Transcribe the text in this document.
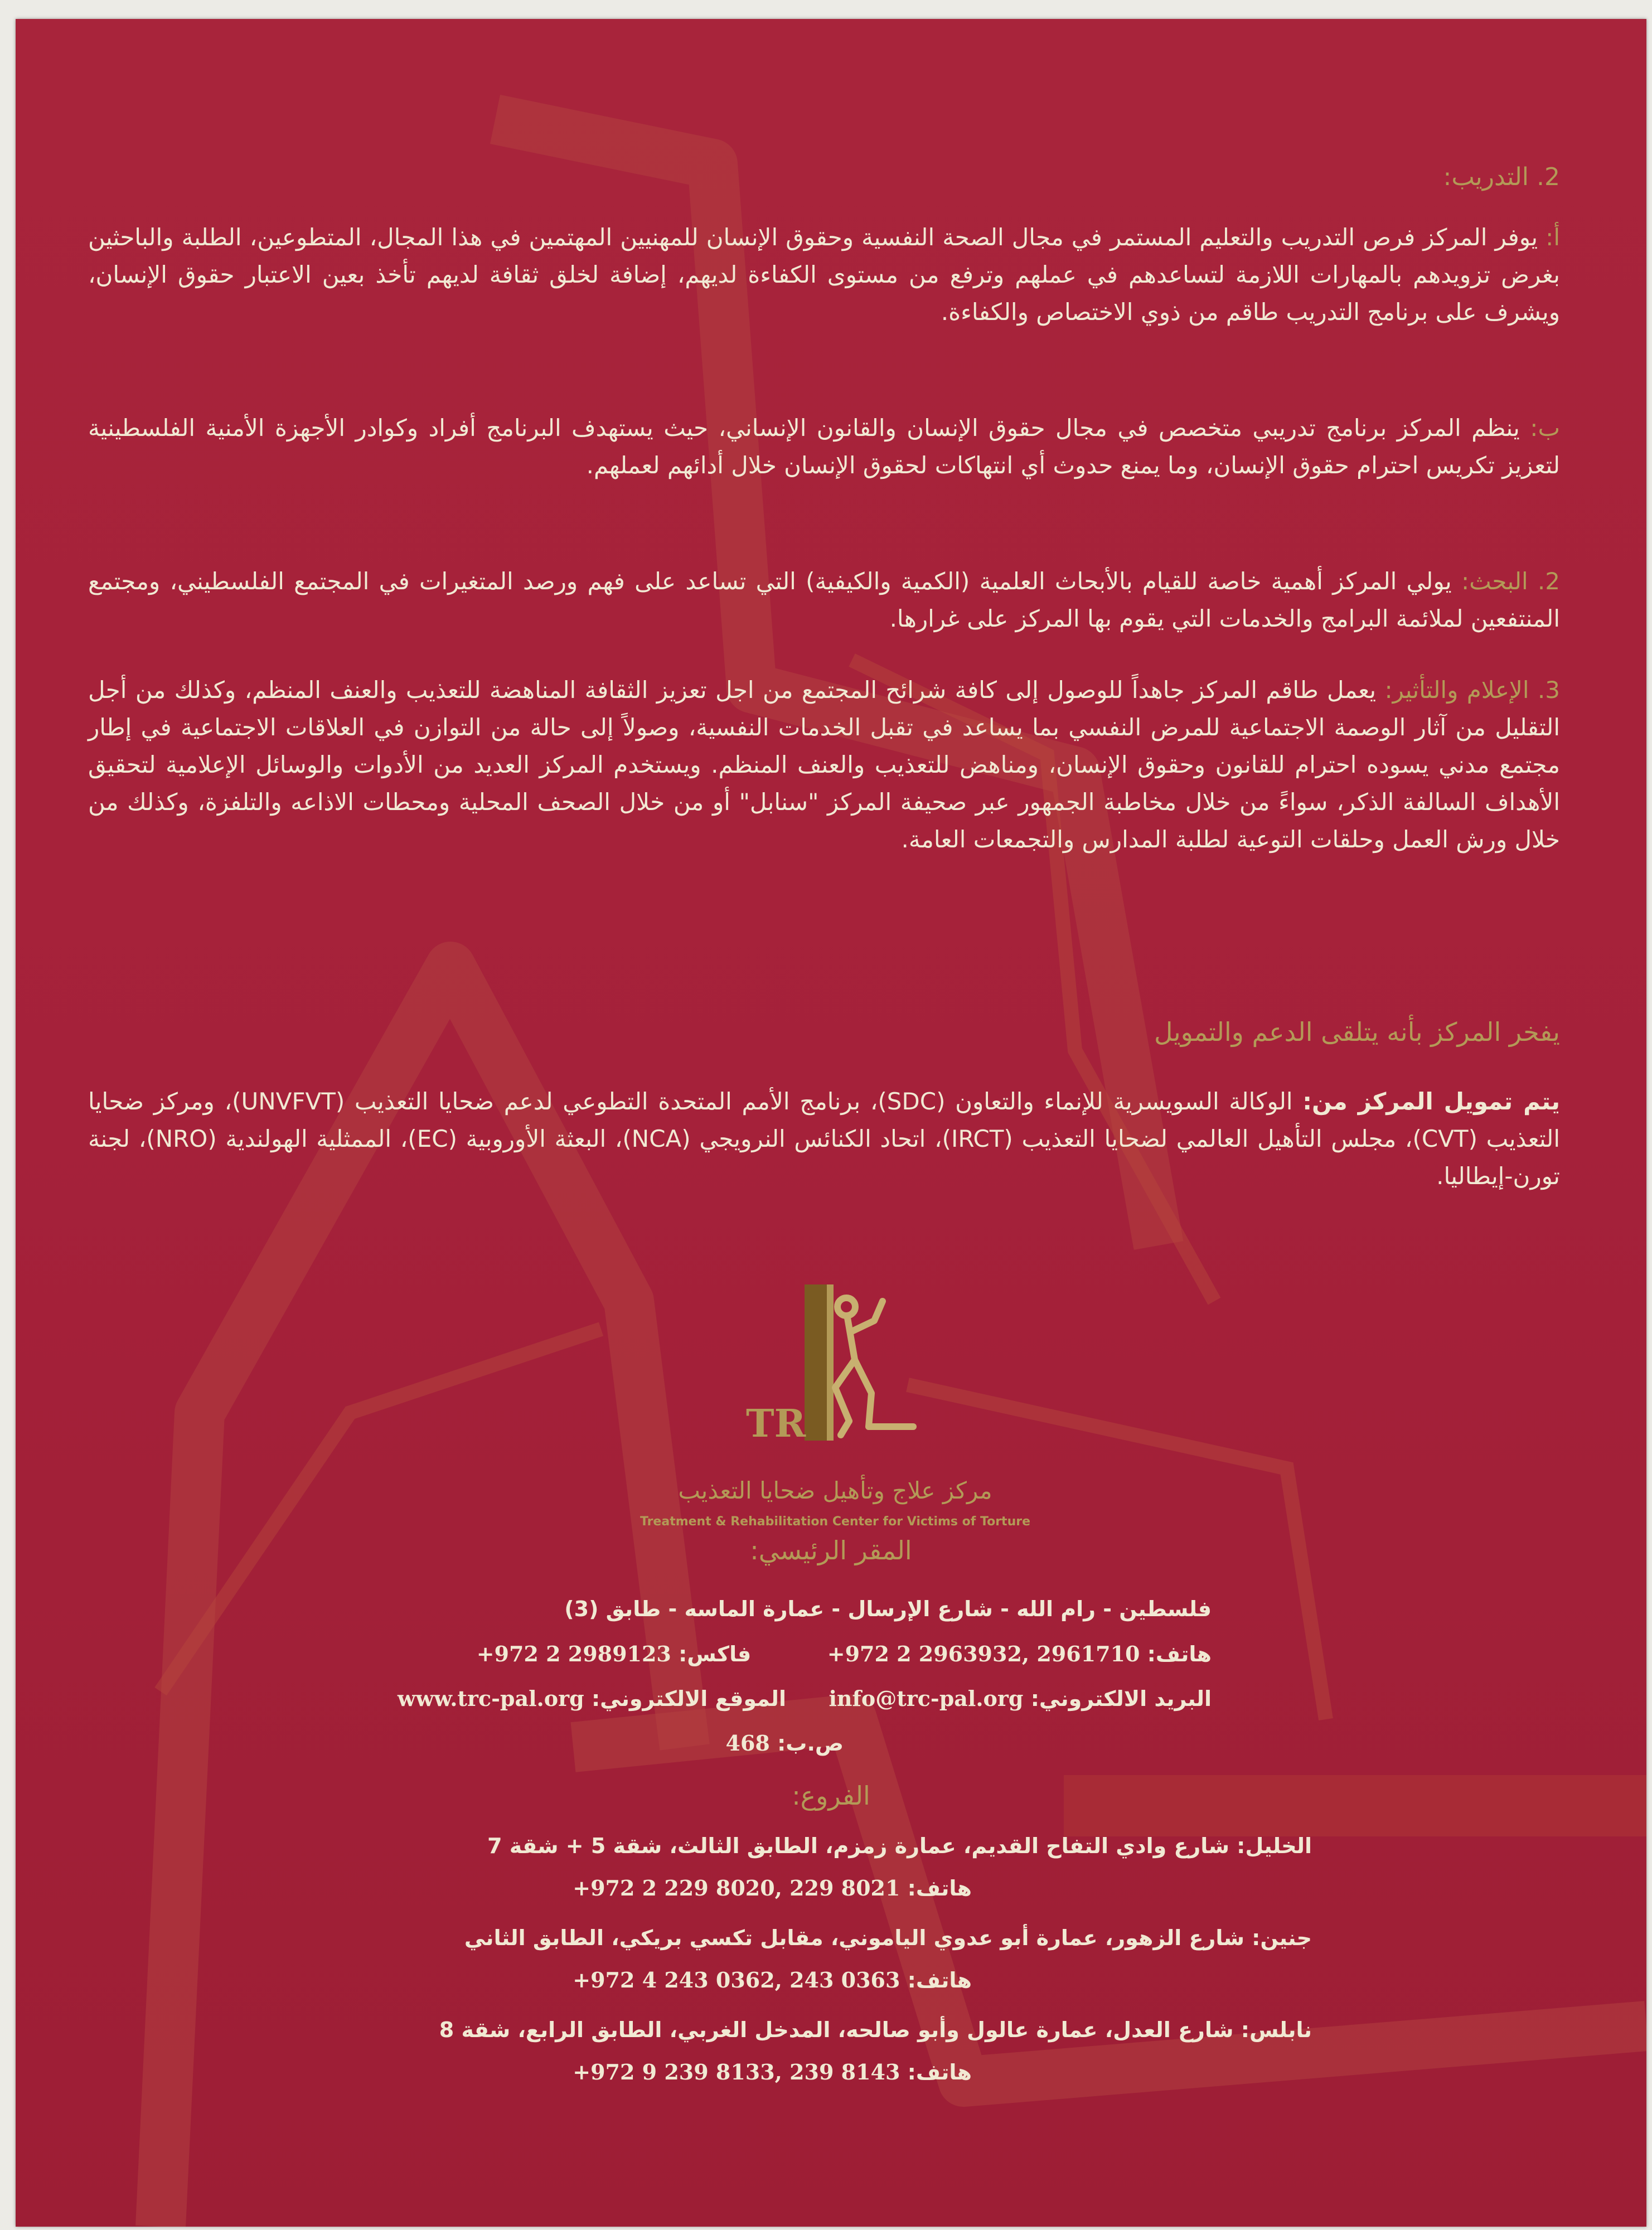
2. التدريب:
أ: يوفر المركز فرص التدريب والتعليم المستمر في مجال الصحة النفسية وحقوق الإنسان للمهنيين المهتمين في هذا المجال، المتطوعين، الطلبة والباحثين بغرض تزويدهم بالمهارات اللازمة لتساعدهم في عملهم وترفع من مستوى الكفاءة لديهم، إضافة لخلق ثقافة لديهم تأخذ بعين الاعتبار حقوق الإنسان، ويشرف على برنامج التدريب طاقم من ذوي الاختصاص والكفاءة.
ب: ينظم المركز برنامج تدريبي متخصص في مجال حقوق الإنسان والقانون الإنساني، حيث يستهدف البرنامج أفراد وكوادر الأجهزة الأمنية الفلسطينية لتعزيز تكريس احترام حقوق الإنسان، وما يمنع حدوث أي انتهاكات لحقوق الإنسان خلال أدائهم لعملهم.
2. البحث: يولي المركز أهمية خاصة للقيام بالأبحاث العلمية (الكمية والكيفية) التي تساعد على فهم ورصد المتغيرات في المجتمع الفلسطيني، ومجتمع المنتفعين لملائمة البرامج والخدمات التي يقوم بها المركز على غرارها.
3. الإعلام والتأثير: يعمل طاقم المركز جاهداً للوصول إلى كافة شرائح المجتمع من اجل تعزيز الثقافة المناهضة للتعذيب والعنف المنظم، وكذلك من أجل التقليل من آثار الوصمة الاجتماعية للمرض النفسي بما يساعد في تقبل الخدمات النفسية، وصولاً إلى حالة من التوازن في العلاقات الاجتماعية في إطار مجتمع مدني يسوده احترام للقانون وحقوق الإنسان، ومناهض للتعذيب والعنف المنظم. ويستخدم المركز العديد من الأدوات والوسائل الإعلامية لتحقيق الأهداف السالفة الذكر، سواءً من خلال مخاطبة الجمهور عبر صحيفة المركز "سنابل" أو من خلال الصحف المحلية ومحطات الاذاعه والتلفزة، وكذلك من خلال ورش العمل وحلقات التوعية لطلبة المدارس والتجمعات العامة.
يفخر المركز بأنه يتلقى الدعم والتمويل
يتم تمويل المركز من: الوكالة السويسرية للإنماء والتعاون (SDC)، برنامج الأمم المتحدة التطوعي لدعم ضحايا التعذيب (UNVFVT)، ومركز ضحايا التعذيب (CVT)، مجلس التأهيل العالمي لضحايا التعذيب (IRCT)، اتحاد الكنائس النرويجي (NCA)، البعثة الأوروبية (EC)، الممثلية الهولندية (NRO)، لجنة تورن-إيطاليا.
TR
مركز علاج وتأهيل ضحايا التعذيب
Treatment & Rehabilitation Center for Victims of Torture
المقر الرئيسي:
فلسطين - رام الله - شارع الإرسال - عمارة الماسه - طابق (3)
هاتف: +972 2 2963932, 2961710  فاكس: +972 2 2989123
البريد الالكتروني: info@trc-pal.org  الموقع الالكتروني: www.trc-pal.org
ص.ب: 468
الفروع:
الخليل: شارع وادي التفاح القديم، عمارة زمزم، الطابق الثالث، شقة 5 + شقة 7
هاتف: +972 2 229 8020, 229 8021
جنين: شارع الزهور، عمارة أبو عدوي الياموني، مقابل تكسي بريكي، الطابق الثاني
هاتف: +972 4 243 0362, 243 0363
نابلس: شارع العدل، عمارة عالول وأبو صالحه، المدخل الغربي، الطابق الرابع، شقة 8
هاتف: +972 9 239 8133, 239 8143
